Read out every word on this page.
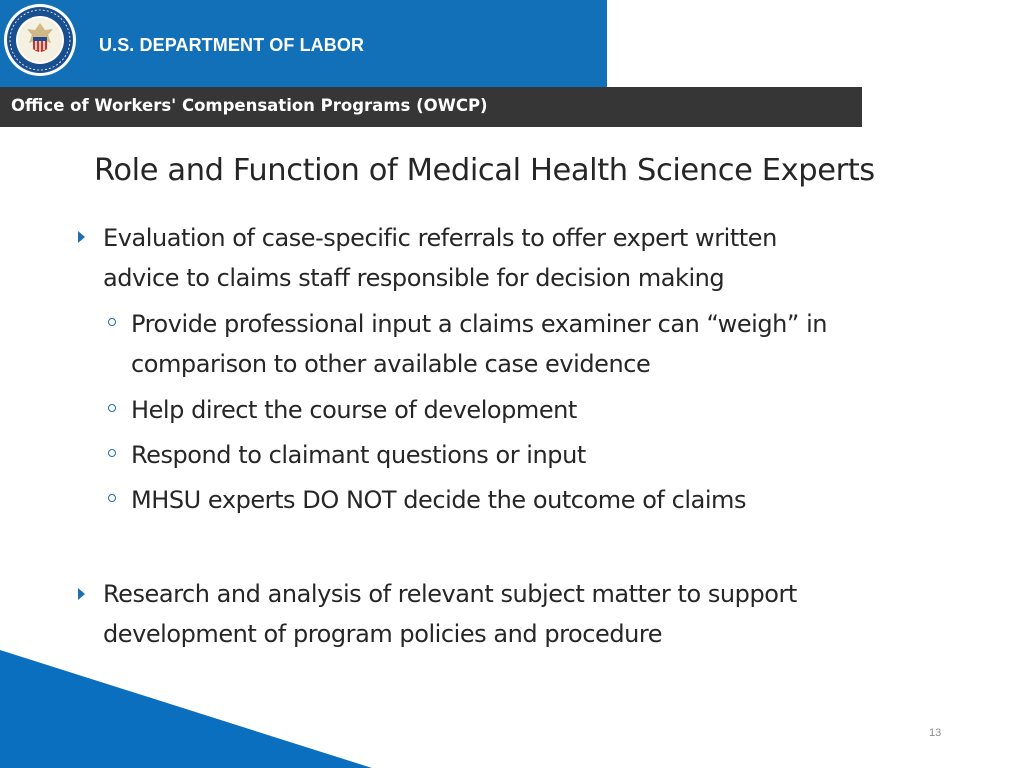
U.S. DEPARTMENT OF LABOR
Office of Workers' Compensation Programs (OWCP)
Role and Function of Medical Health Science Experts
Evaluation of case-specific referrals to offer expert written
advice to claims staff responsible for decision making
Provide professional input a claims examiner can “weigh” in
comparison to other available case evidence
Help direct the course of development
Respond to claimant questions or input
MHSU experts DO NOT decide the outcome of claims
Research and analysis of relevant subject matter to support
development of program policies and procedure
13
